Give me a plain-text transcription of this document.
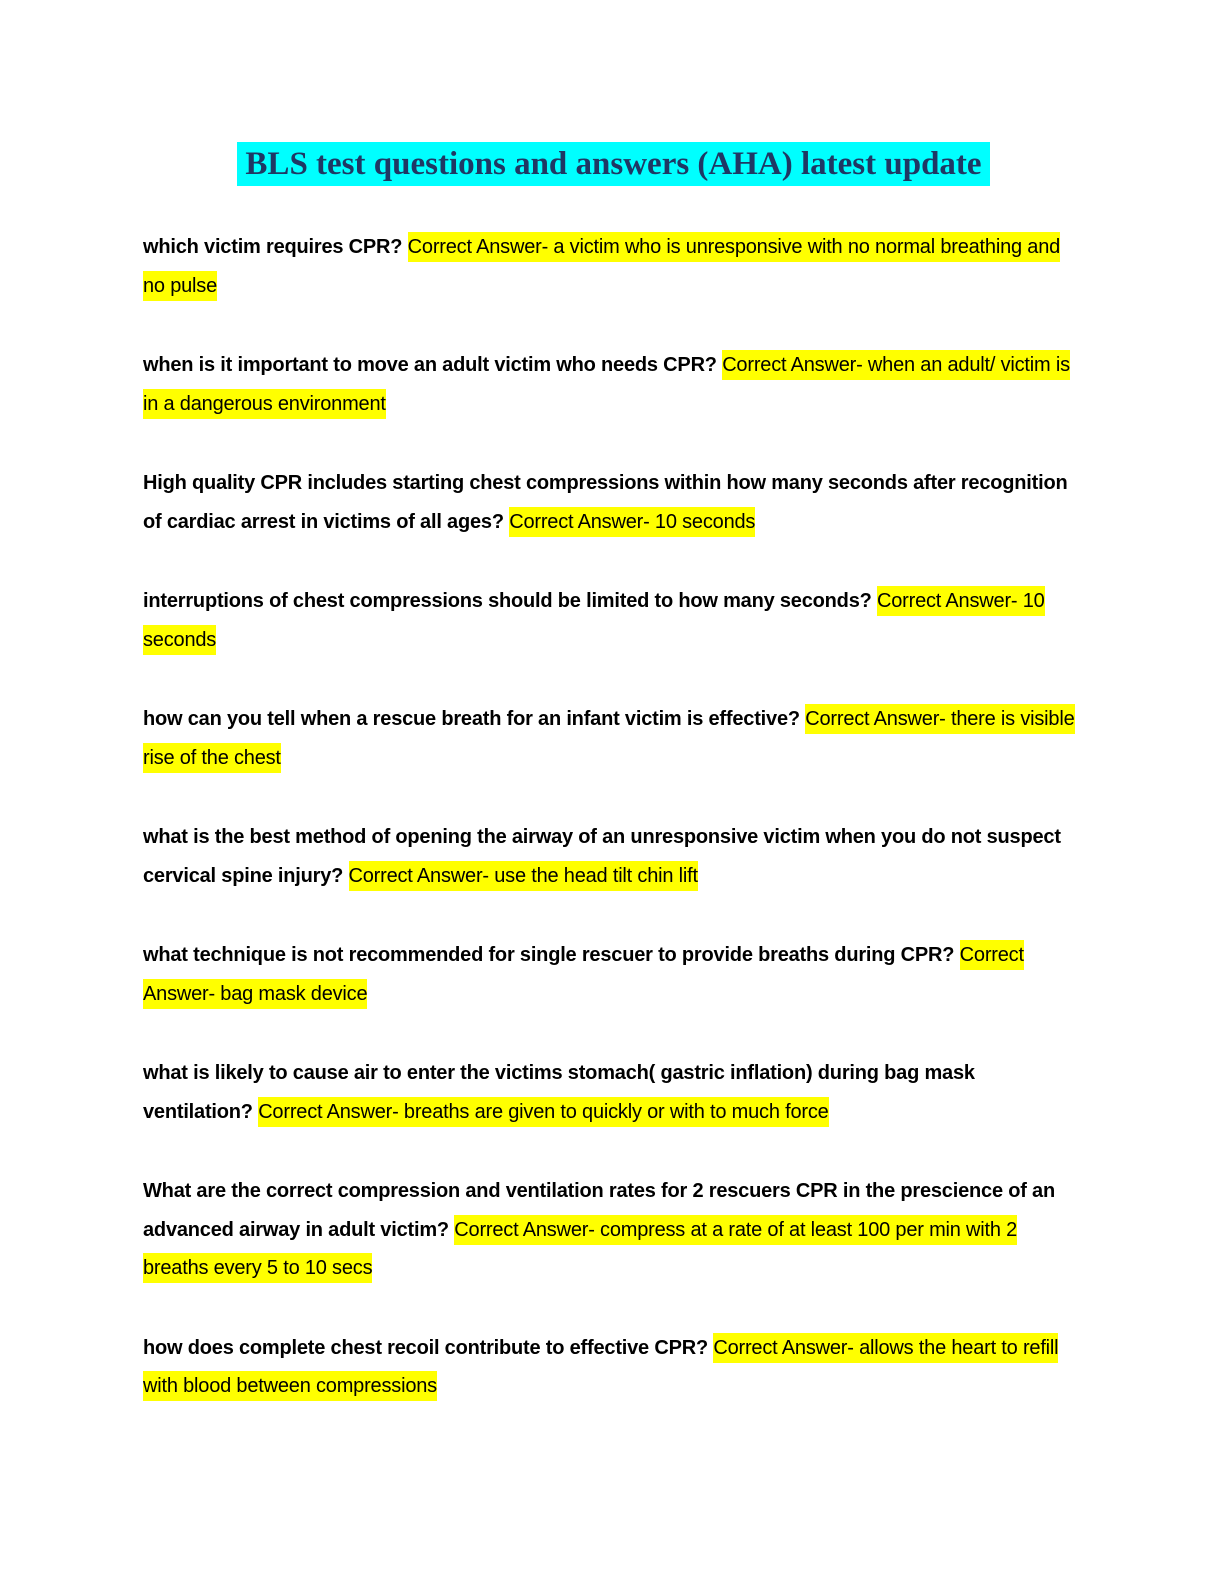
BLS test questions and answers (AHA) latest update

which victim requires CPR? Correct Answer- a victim who is unresponsive with no normal breathing and no pulse

when is it important to move an adult victim who needs CPR? Correct Answer- when an adult/ victim is in a dangerous environment

High quality CPR includes starting chest compressions within how many seconds after recognition of cardiac arrest in victims of all ages? Correct Answer- 10 seconds

interruptions of chest compressions should be limited to how many seconds? Correct Answer- 10 seconds

how can you tell when a rescue breath for an infant victim is effective? Correct Answer- there is visible rise of the chest

what is the best method of opening the airway of an unresponsive victim when you do not suspect cervical spine injury? Correct Answer- use the head tilt chin lift

what technique is not recommended for single rescuer to provide breaths during CPR? Correct Answer- bag mask device

what is likely to cause air to enter the victims stomach( gastric inflation) during bag mask ventilation? Correct Answer- breaths are given to quickly or with to much force

What are the correct compression and ventilation rates for 2 rescuers CPR in the prescience of an advanced airway in adult victim? Correct Answer- compress at a rate of at least 100 per min with 2 breaths every 5 to 10 secs

how does complete chest recoil contribute to effective CPR? Correct Answer- allows the heart to refill with blood between compressions
